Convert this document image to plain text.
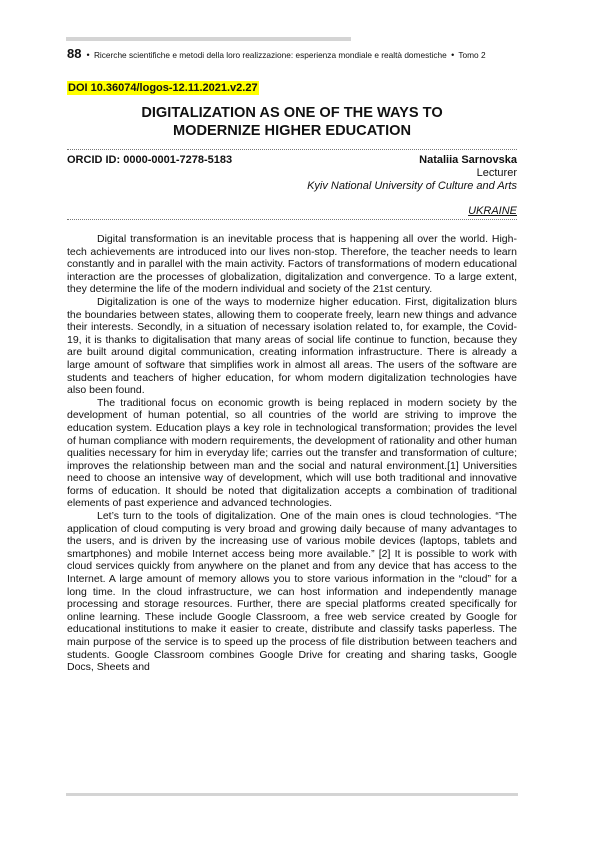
88 • Ricerche scientifiche e metodi della loro realizzazione: esperienza mondiale e realtà domestiche • Tomo 2
DOI 10.36074/logos-12.11.2021.v2.27
DIGITALIZATION AS ONE OF THE WAYS TO
MODERNIZE HIGHER EDUCATION
ORCID ID: 0000-0001-7278-5183	Nataliia Sarnovska
Lecturer
Kyiv National University of Culture and Arts
UKRAINE

Digital transformation is an inevitable process that is happening all over the world. High-tech achievements are introduced into our lives non-stop. Therefore, the teacher needs to learn constantly and in parallel with the main activity. Factors of transformations of modern educational interaction are the processes of globalization, digitalization and convergence. To a large extent, they determine the life of the modern individual and society of the 21st century.

Digitalization is one of the ways to modernize higher education. First, digitalization blurs the boundaries between states, allowing them to cooperate freely, learn new things and advance their interests. Secondly, in a situation of necessary isolation related to, for example, the Covid-19, it is thanks to digitalisation that many areas of social life continue to function, because they are built around digital communication, creating information infrastructure. There is already a large amount of software that simplifies work in almost all areas. The users of the software are students and teachers of higher education, for whom modern digitalization technologies have also been found.

The traditional focus on economic growth is being replaced in modern society by the development of human potential, so all countries of the world are striving to improve the education system. Education plays a key role in technological transformation; provides the level of human compliance with modern requirements, the development of rationality and other human qualities necessary for him in everyday life; carries out the transfer and transformation of culture; improves the relationship between man and the social and natural environment.[1] Universities need to choose an intensive way of development, which will use both traditional and innovative forms of education. It should be noted that digitalization accepts a combination of traditional elements of past experience and advanced technologies.

Let’s turn to the tools of digitalization. One of the main ones is cloud technologies. “The application of cloud computing is very broad and growing daily because of many advantages to the users, and is driven by the increasing use of various mobile devices (laptops, tablets and smartphones) and mobile Internet access being more available.” [2] It is possible to work with cloud services quickly from anywhere on the planet and from any device that has access to the Internet. A large amount of memory allows you to store various information in the “cloud” for a long time. In the cloud infrastructure, we can host information and independently manage processing and storage resources. Further, there are special platforms created specifically for online learning. These include Google Classroom, a free web service created by Google for educational institutions to make it easier to create, distribute and classify tasks paperless. The main purpose of the service is to speed up the process of file distribution between teachers and students. Google Classroom combines Google Drive for creating and sharing tasks, Google Docs, Sheets and
